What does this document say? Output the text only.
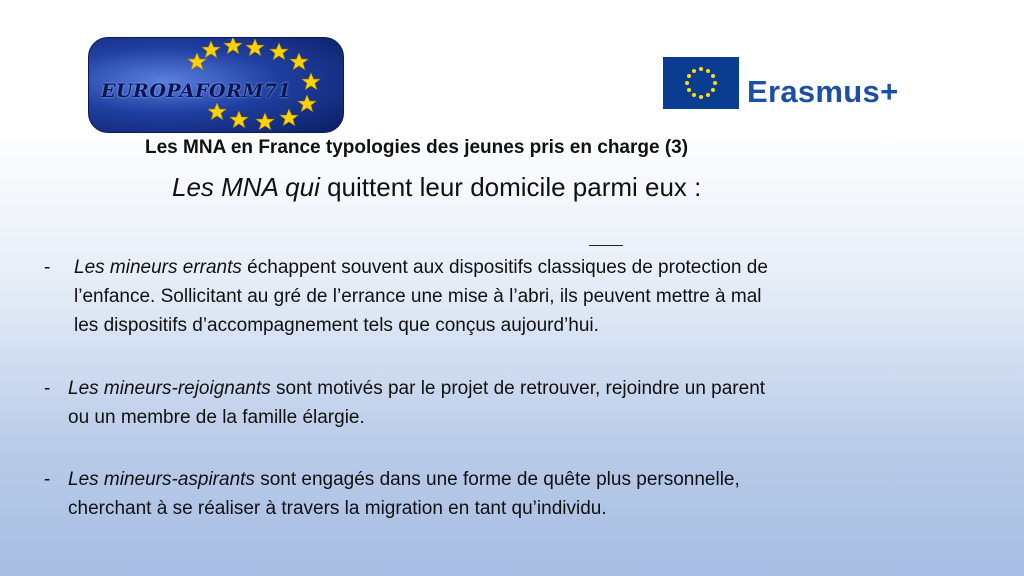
EUROPAFORM71	Erasmus+
Les MNA en France typologies des jeunes pris en charge (3)
Les MNA qui quittent leur domicile parmi eux :
- Les mineurs errants échappent souvent aux dispositifs classiques de protection de
l’enfance. Sollicitant au gré de l’errance une mise à l’abri, ils peuvent mettre à mal
les dispositifs d’accompagnement tels que conçus aujourd’hui.
- Les mineurs-rejoignants sont motivés par le projet de retrouver, rejoindre un parent
ou un membre de la famille élargie.
- Les mineurs-aspirants sont engagés dans une forme de quête plus personnelle,
cherchant à se réaliser à travers la migration en tant qu’individu.
